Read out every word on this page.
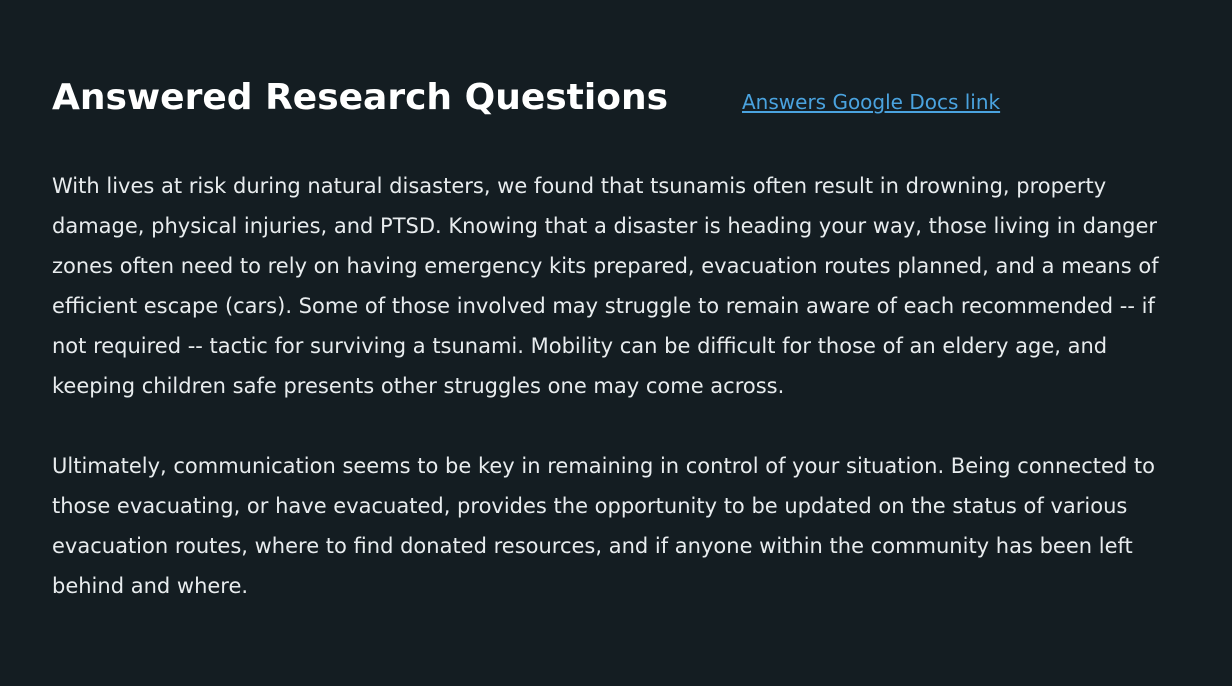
Answered Research Questions	Answers Google Docs link

With lives at risk during natural disasters, we found that tsunamis often result in drowning, property damage, physical injuries, and PTSD. Knowing that a disaster is heading your way, those living in danger zones often need to rely on having emergency kits prepared, evacuation routes planned, and a means of efficient escape (cars). Some of those involved may struggle to remain aware of each recommended -- if not required -- tactic for surviving a tsunami. Mobility can be difficult for those of an eldery age, and keeping children safe presents other struggles one may come across.

Ultimately, communication seems to be key in remaining in control of your situation. Being connected to those evacuating, or have evacuated, provides the opportunity to be updated on the status of various evacuation routes, where to find donated resources, and if anyone within the community has been left behind and where.
